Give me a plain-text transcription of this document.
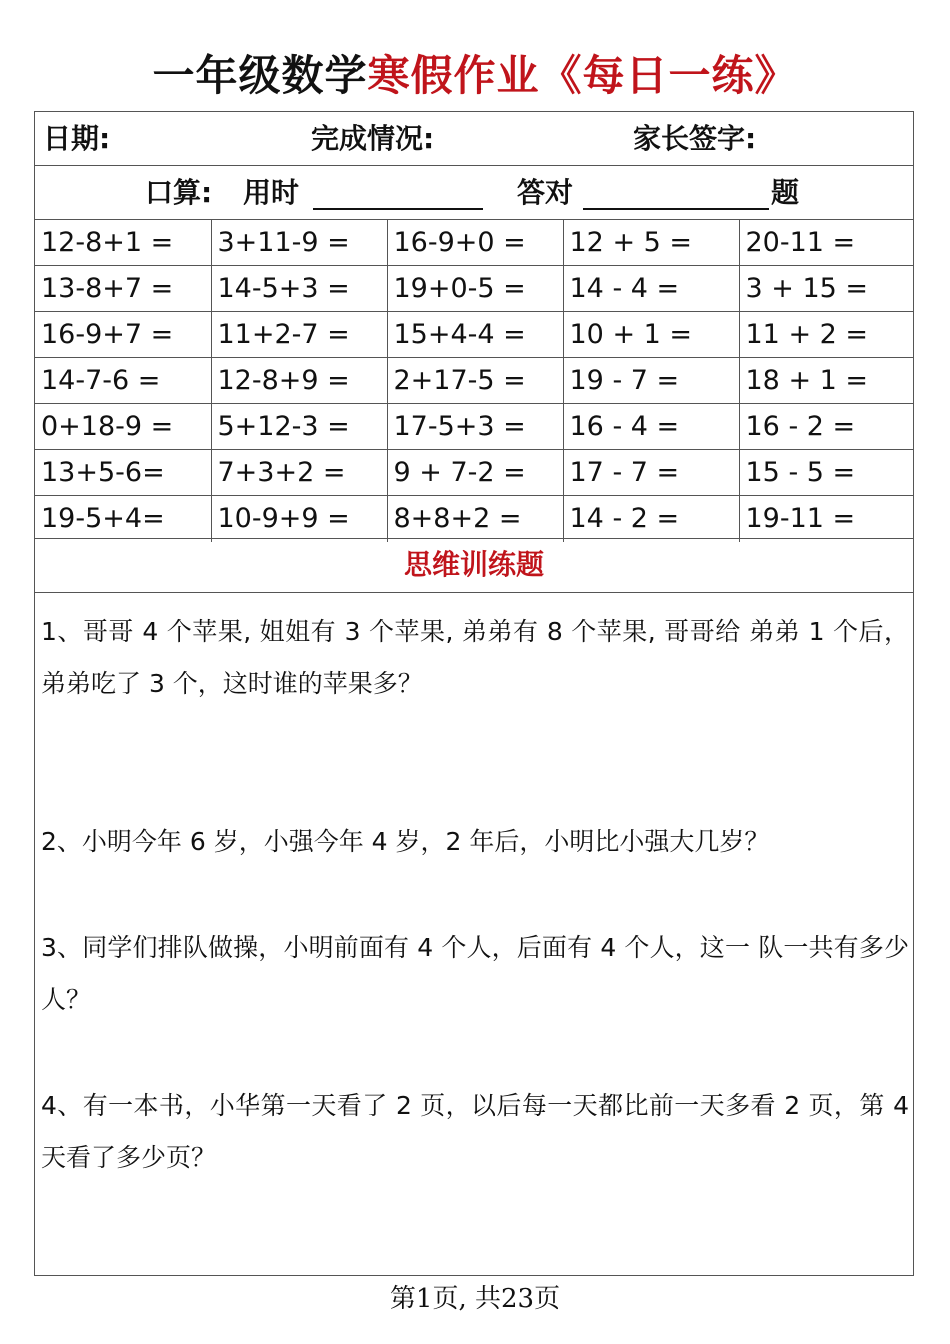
一年级数学寒假作业《每日一练》
日期:	完成情况:	家长签字:
口算: 用时	答对	题
12-8+1 =	3+11-9 =	16-9+0 =	12 + 5 =	20-11 =
13-8+7 =	14-5+3 =	19+0-5 =	14 - 4 =	3 + 15 =
16-9+7 =	11+2-7 =	15+4-4 =	10 + 1 =	11 + 2 =
14-7-6 =	12-8+9 =	2+17-5 =	19 - 7 =	18 + 1 =
0+18-9 =	5+12-3 =	17-5+3 =	16 - 4 =	16 - 2 =
13+5-6=	7+3+2 =	9 + 7-2 =	17 - 7 =	15 - 5 =
19-5+4=	10-9+9 =	8+8+2 =	14 - 2 =	19-11 =
思维训练题
1、哥哥 4 个苹果, 姐姐有 3 个苹果, 弟弟有 8 个苹果, 哥哥给 弟弟 1 个后，弟弟吃了 3 个，这时谁的苹果多？
2、小明今年 6 岁，小强今年 4 岁，2 年后，小明比小强大几岁？
3、同学们排队做操，小明前面有 4 个人，后面有 4 个人，这一 队一共有多少人？
4、有一本书，小华第一天看了 2 页，以后每一天都比前一天多看 2 页，第 4 天看了多少页？
第1页, 共23页
